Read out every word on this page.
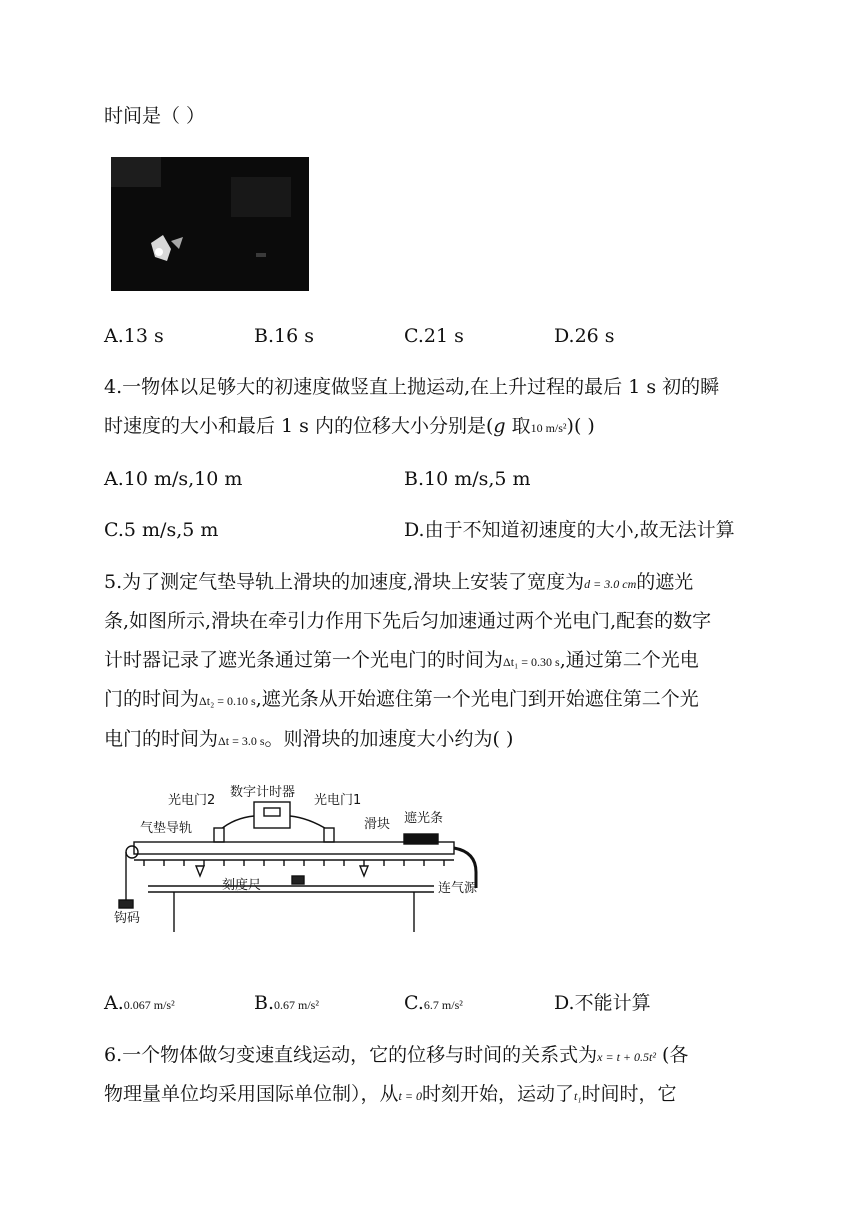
时间是（ ）
A.13 s	B.16 s	C.21 s	D.26 s
4.一物体以足够大的初速度做竖直上抛运动,在上升过程的最后 1 s 初的瞬
时速度的大小和最后 1 s 内的位移大小分别是(g 取10 m/s²)( )
A.10 m/s,10 m	B.10 m/s,5 m
C.5 m/s,5 m	D.由于不知道初速度的大小,故无法计算
5.为了测定气垫导轨上滑块的加速度,滑块上安装了宽度为d = 3.0 cm的遮光
条,如图所示,滑块在牵引力作用下先后匀加速通过两个光电门,配套的数字
计时器记录了遮光条通过第一个光电门的时间为Δt₁ = 0.30 s,通过第二个光电
门的时间为Δt₂ = 0.10 s,遮光条从开始遮住第一个光电门到开始遮住第二个光
电门的时间为Δt = 3.0 s。则滑块的加速度大小约为( )
光电门2
数字计时器
光电门1
气垫导轨	滑块 遮光条
刻度尺	连气源
钩码
A.0.067 m/s²	B.0.67 m/s²	C.6.7 m/s²	D.不能计算
6.一个物体做匀变速直线运动，它的位移与时间的关系式为x = t + 0.5t² (各
物理量单位均采用国际单位制），从t = 0时刻开始，运动了t₁时间时，它
